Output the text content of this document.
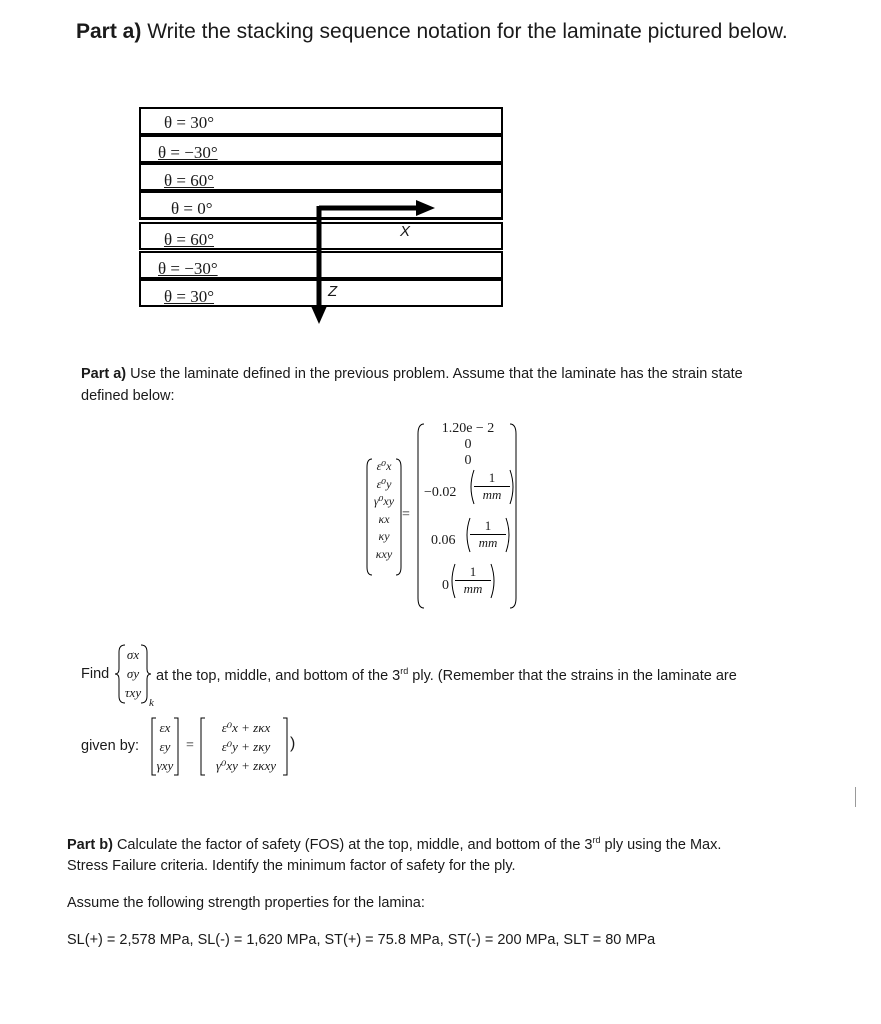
Part a) Write the stacking sequence notation for the laminate pictured below.
θ = 30°
θ = −30°
θ = 60°
θ = 0°
θ = 60°
θ = −30°
θ = 30°
X
Z
Part a) Use the laminate defined in the previous problem. Assume that the laminate has the strain state
defined below:
ε⁰x
ε⁰y
γ⁰xy
κx
κy
κxy
=
1.20e − 2
0
0
−0.02
1
mm
0.06
1
mm
0
1
mm
Find
σx
σy
τxy
k
at the top, middle, and bottom of the 3rd ply. (Remember that the strains in the laminate are
given by:
εx
εy
γxy
=
ε⁰x + zκx
ε⁰y + zκy
γ⁰xy + zκxy
)
Part b) Calculate the factor of safety (FOS) at the top, middle, and bottom of the 3rd ply using the Max.
Stress Failure criteria. Identify the minimum factor of safety for the ply.
Assume the following strength properties for the lamina:
SL(+) = 2,578 MPa, SL(-) = 1,620 MPa, ST(+) = 75.8 MPa, ST(-) = 200 MPa, SLT = 80 MPa
